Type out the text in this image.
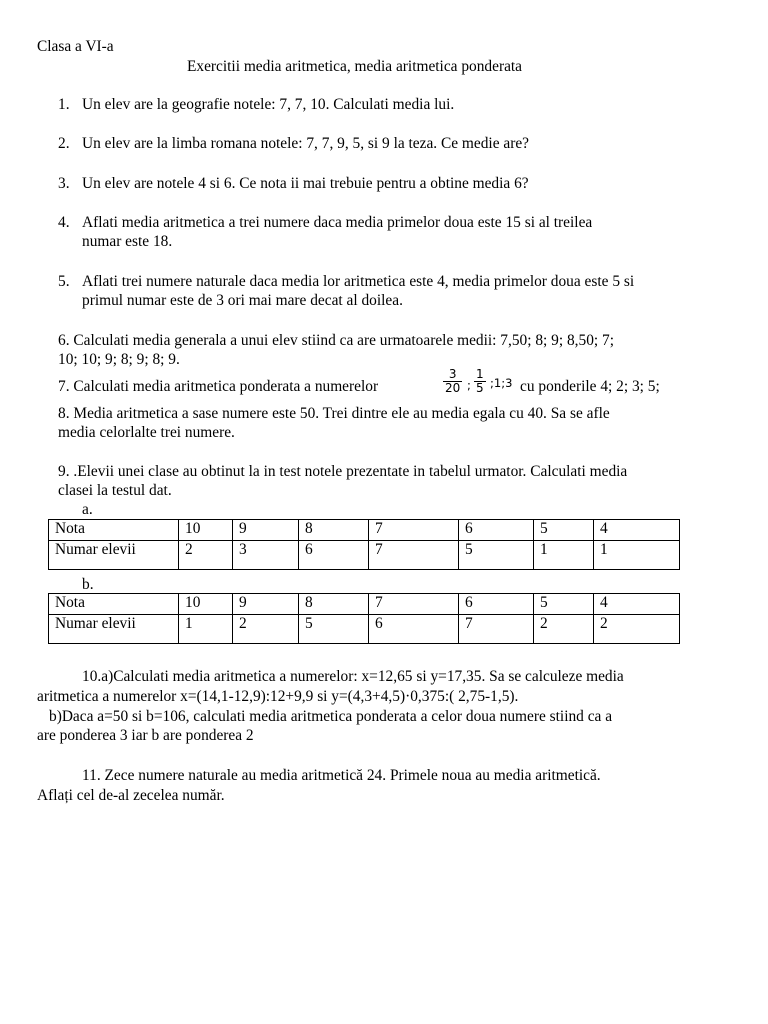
Clasa a VI-a
Exercitii media aritmetica, media aritmetica ponderata
1. Un elev are la geografie notele: 7, 7, 10. Calculati media lui.
2. Un elev are la limba romana notele: 7, 7, 9, 5, si 9 la teza. Ce medie are?
3. Un elev are notele 4 si 6. Ce nota ii mai trebuie pentru a obtine media 6?
4. Aflati media aritmetica a trei numere daca media primelor doua este 15 si al treilea
numar este 18.
5. Aflati trei numere naturale daca media lor aritmetica este 4, media primelor doua este 5 si
primul numar este de 3 ori mai mare decat al doilea.
6. Calculati media generala a unui elev stiind ca are urmatoarele medii: 7,50; 8; 9; 8,50; 7;
10; 10; 9; 8; 9; 8; 9.
7. Calculati media aritmetica ponderata a numerelor
3
20 ;
1
5 ;1;3 cu ponderile 4; 2; 3; 5;
8. Media aritmetica a sase numere este 50. Trei dintre ele au media egala cu 40. Sa se afle
media celorlalte trei numere.
9. .Elevii unei clase au obtinut la in test notele prezentate in tabelul urmator. Calculati media
clasei la testul dat.
a.
Nota	10	9	8	7	6	5	4
Numar elevii	2	3	6	7	5	1	1
b.
Nota	10	9	8	7	6	5	4
Numar elevii	1	2	5	6	7	2	2
10.a)Calculati media aritmetica a numerelor: x=12,65 si y=17,35. Sa se calculeze media
aritmetica a numerelor x=(14,1-12,9):12+9,9 si y=(4,3+4,5)·0,375:( 2,75-1,5).
b)Daca a=50 si b=106, calculati media aritmetica ponderata a celor doua numere stiind ca a
are ponderea 3 iar b are ponderea 2
11. Zece numere naturale au media aritmetică 24. Primele noua au media aritmetică.
Aflați cel de-al zecelea număr.
